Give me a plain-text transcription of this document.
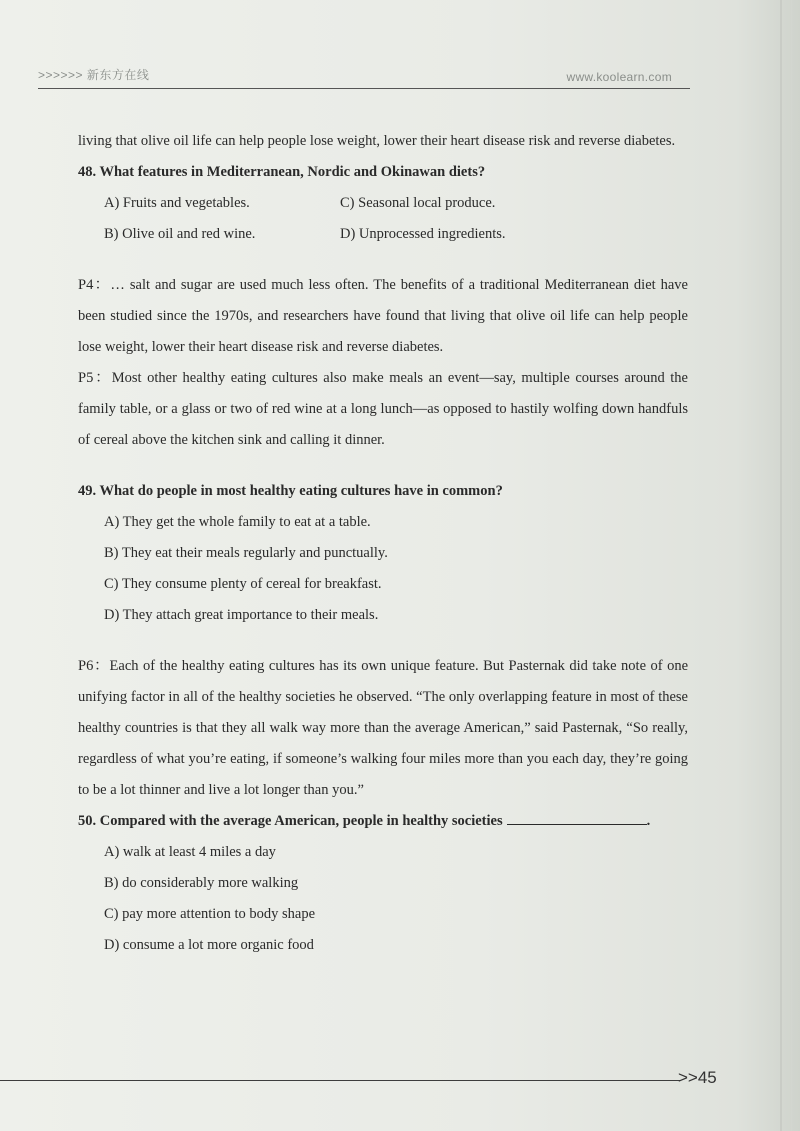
>>>>>> 新东方在线	www.koolearn.com

living that olive oil life can help people lose weight, lower their heart disease risk and reverse diabetes.

48. What features in Mediterranean, Nordic and Okinawan diets?

A) Fruits and vegetables.	C) Seasonal local produce.
B) Olive oil and red wine.	D) Unprocessed ingredients.

P4：… salt and sugar are used much less often. The benefits of a traditional Mediterranean diet have been studied since the 1970s, and researchers have found that living that olive oil life can help people lose weight, lower their heart disease risk and reverse diabetes.

P5：Most other healthy eating cultures also make meals an event—say, multiple courses around the family table, or a glass or two of red wine at a long lunch—as opposed to hastily wolfing down handfuls of cereal above the kitchen sink and calling it dinner.

49. What do people in most healthy eating cultures have in common?

A) They get the whole family to eat at a table.
B) They eat their meals regularly and punctually.
C) They consume plenty of cereal for breakfast.
D) They attach great importance to their meals.

P6：Each of the healthy eating cultures has its own unique feature. But Pasternak did take note of one unifying factor in all of the healthy societies he observed. “The only overlapping feature in most of these healthy countries is that they all walk way more than the average American,” said Pasternak, “So really, regardless of what you’re eating, if someone’s walking four miles more than you each day, they’re going to be a lot thinner and live a lot longer than you.”

50. Compared with the average American, people in healthy societies	.

A) walk at least 4 miles a day
B) do considerably more walking
C) pay more attention to body shape
D) consume a lot more organic food
>>45
